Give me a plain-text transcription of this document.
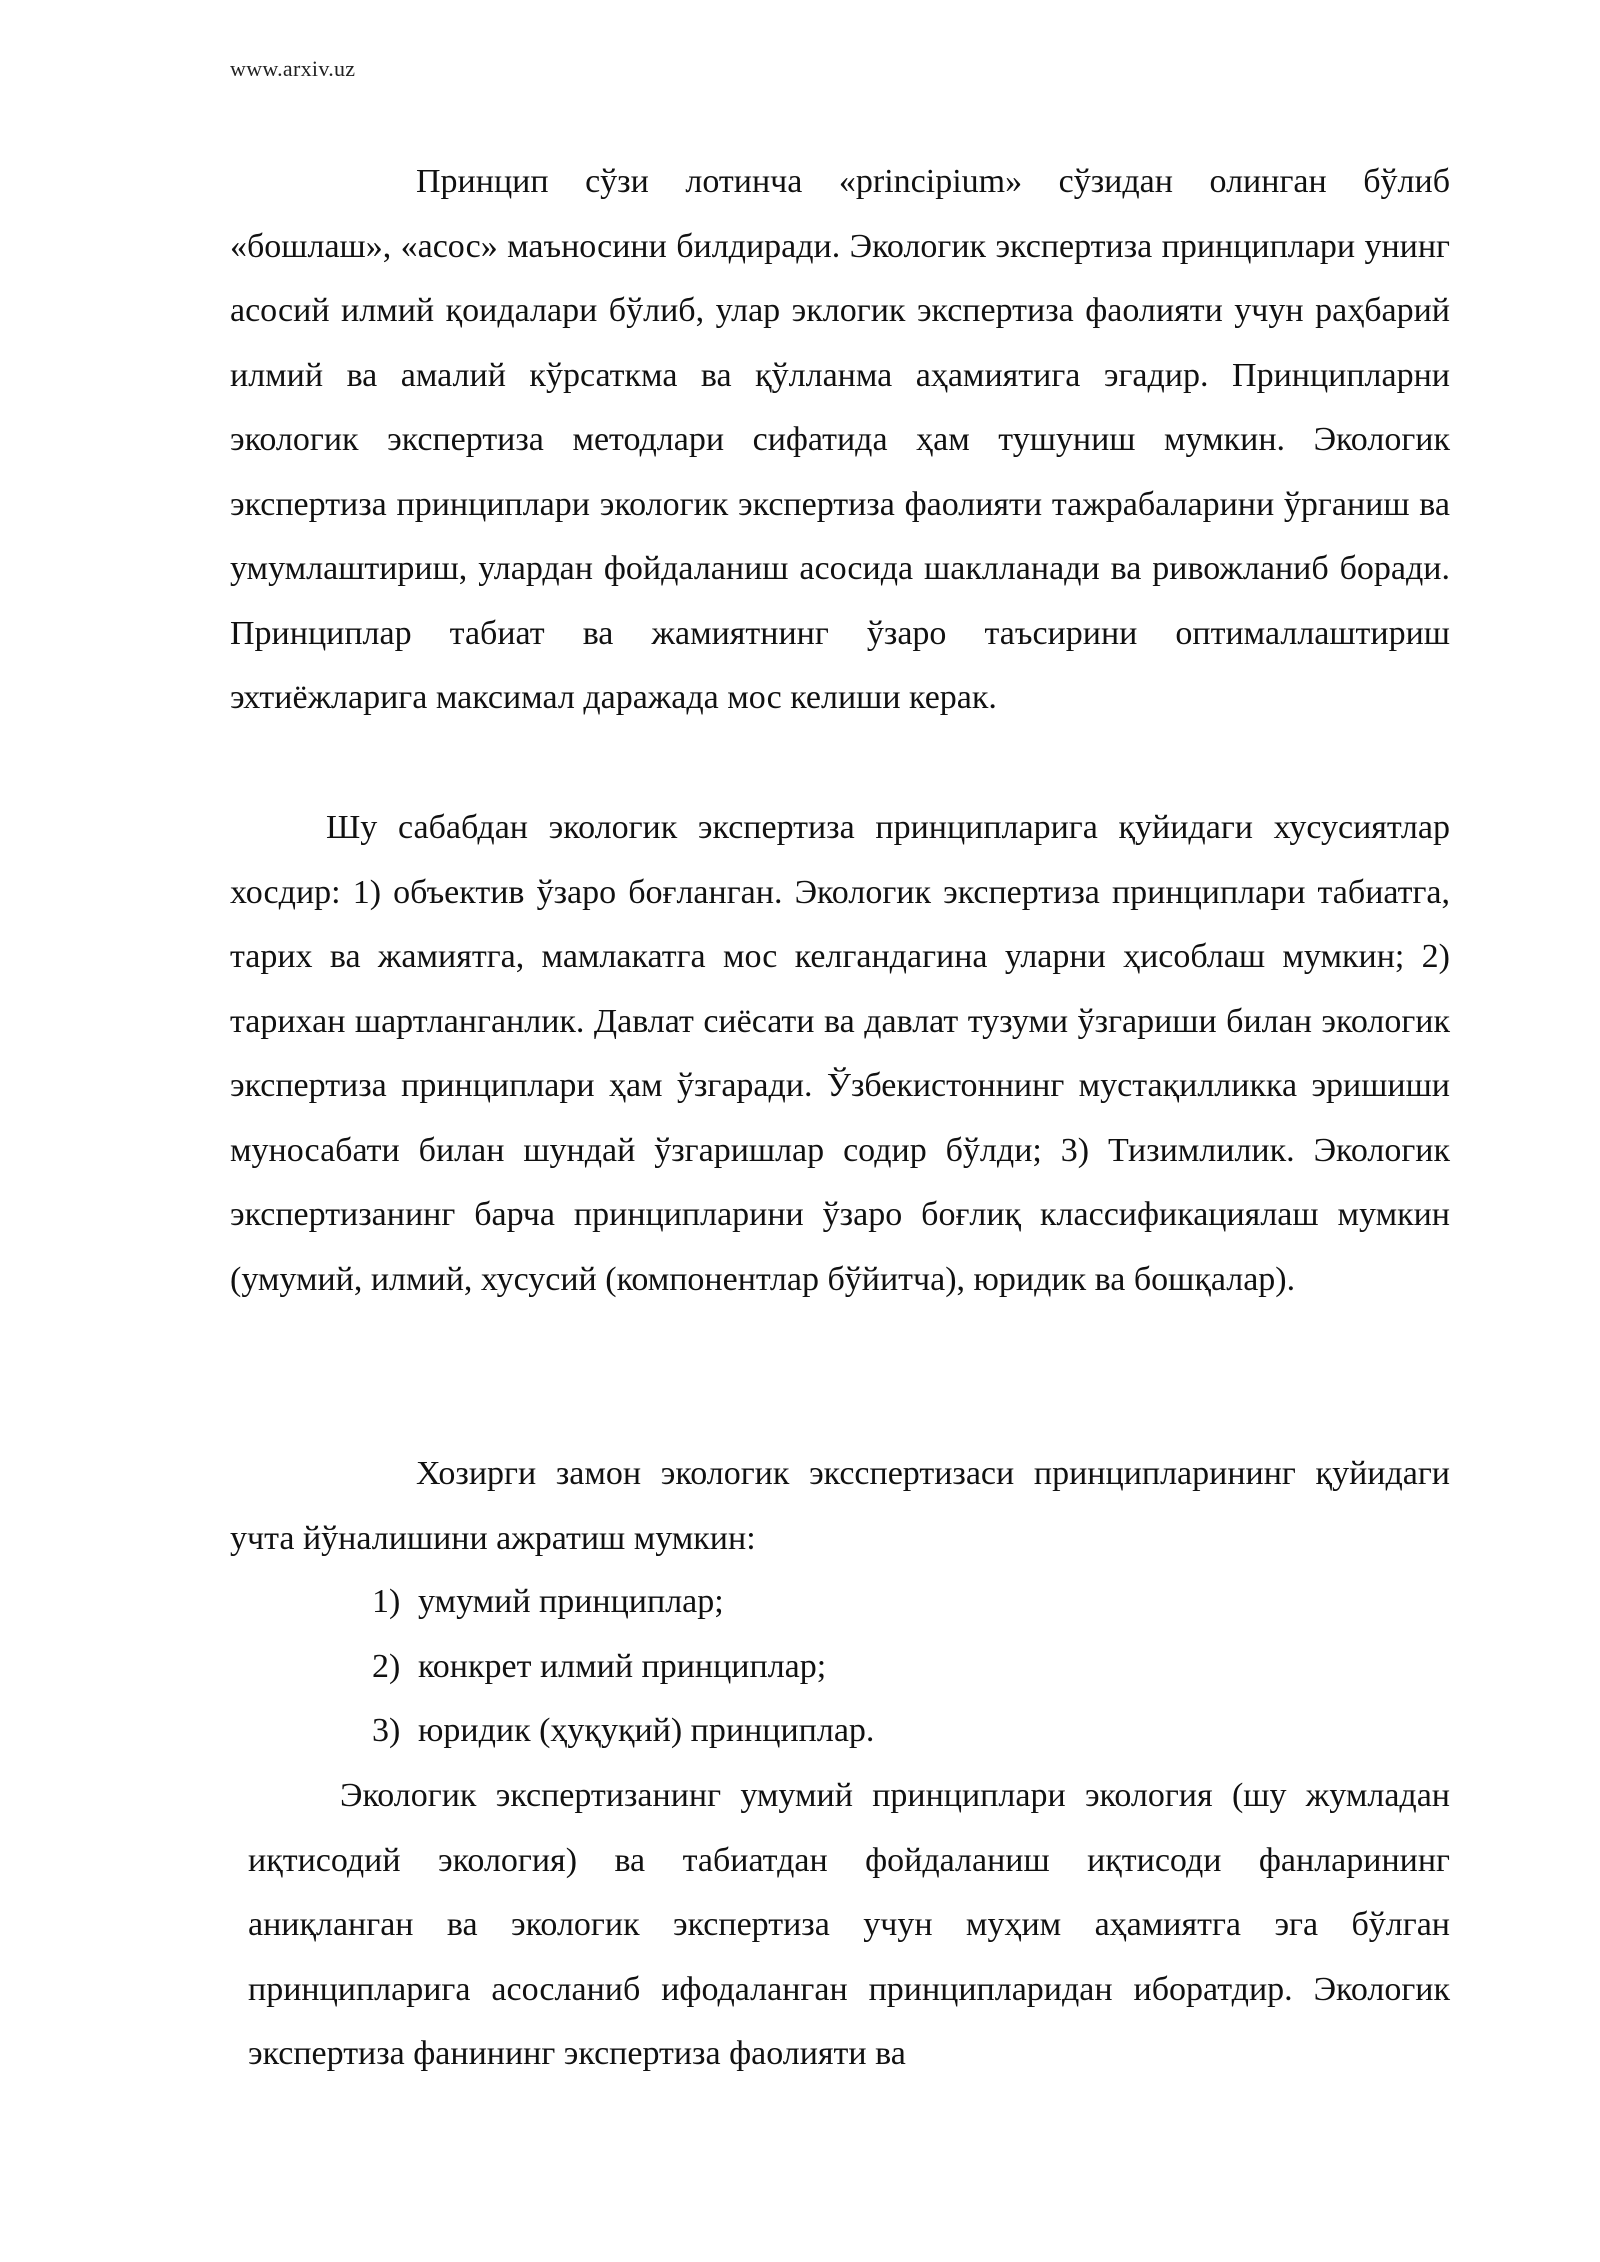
www.arxiv.uz

Принцип сўзи лотинча «principium» сўзидан олинган бўлиб «бошлаш», «асос» маъносини билдиради. Экологик экспертиза принциплари унинг асосий илмий қоидалари бўлиб, улар эклогик экспертиза фаолияти учун раҳбарий илмий ва амалий кўрсаткма ва қўлланма аҳамиятига эгадир. Принципларни экологик экспертиза методлари сифатида ҳам тушуниш мумкин. Экологик экспертиза принциплари экологик экспертиза фаолияти тажрабаларини ўрганиш ва умумлаштириш, улардан фойдаланиш асосида шаклланади ва ривожланиб боради. Принциплар табиат ва жамиятнинг ўзаро таъсирини оптималлаштириш эхтиёжларига максимал даражада мос келиши керак.

Шу сабабдан экологик экспертиза принципларига қуйидаги хусусиятлар хосдир: 1) объектив ўзаро боғланган. Экологик экспертиза принциплари табиатга, тарих ва жамиятга, мамлакатга мос келгандагина уларни ҳисоблаш мумкин; 2) тарихан шартланганлик. Давлат сиёсати ва давлат тузуми ўзгариши билан экологик экспертиза принциплари ҳам ўзгаради. Ўзбекистоннинг мустақилликка эришиши муносабати билан шундай ўзгаришлар содир бўлди; 3) Тизимлилик. Экологик экспертизанинг барча принципларини ўзаро боғлиқ классификациялаш мумкин (умумий, илмий, хусусий (компонентлар бўйитча), юридик ва бошқалар).

Хозирги замон экологик эксспертизаси принципларининг қуйидаги учта йўналишини ажратиш мумкин:

1) умумий принциплар;
2) конкрет илмий принциплар;
3) юридик (ҳуқуқий) принциплар.

Экологик экспертизанинг умумий принциплари экология (шу жумладан иқтисодий экология) ва табиатдан фойдаланиш иқтисоди фанларининг аниқланган ва экологик экспертиза учун муҳим аҳамиятга эга бўлган принципларига асосланиб ифодаланган принципларидан иборатдир. Экологик экспертиза фанининг экспертиза фаолияти ва
